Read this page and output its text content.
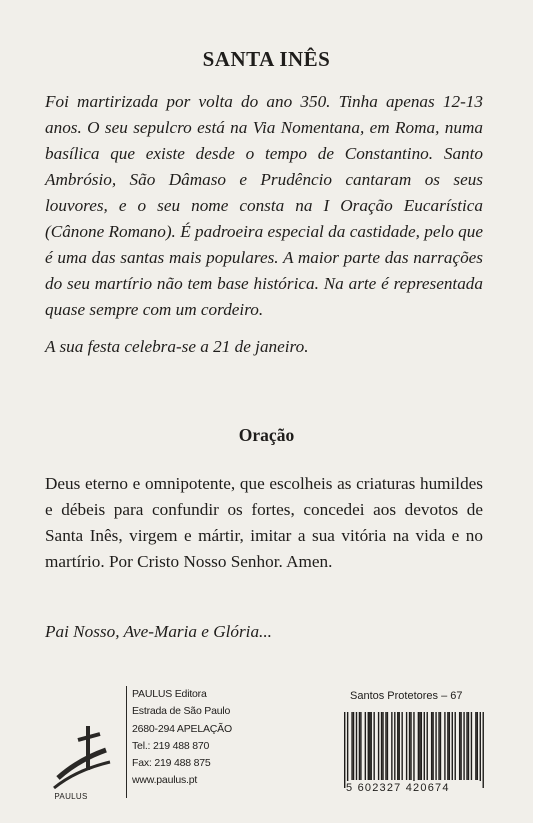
SANTA INÊS

Foi martirizada por volta do ano 350. Tinha apenas 12-13 anos. O seu sepulcro está na Via Nomentana, em Roma, numa basílica que existe desde o tempo de Constantino. Santo Ambrósio, São Dâmaso e Prudêncio cantaram os seus louvores, e o seu nome consta na I Oração Eucarística (Cânone Romano). É padroeira especial da castidade, pelo que é uma das santas mais populares. A maior parte das narrações do seu martírio não tem base histórica. Na arte é representada quase sempre com um cordeiro.

A sua festa celebra-se a 21 de janeiro.

Oração
Deus eterno e omnipotente, que escolheis as criaturas humildes e débeis para confundir os fortes, concedei aos devotos de Santa Inês, virgem e mártir, imitar a sua vitória na vida e no martírio. Por Cristo Nosso Senhor. Amen.
Pai Nosso, Ave-Maria e Glória...
PAULUS
PAULUS Editora
Estrada de São Paulo
2680-294 APELAÇÃO
Tel.: 219 488 870
Fax: 219 488 875
www.paulus.pt
Santos Protetores – 67
5 602327 420674
